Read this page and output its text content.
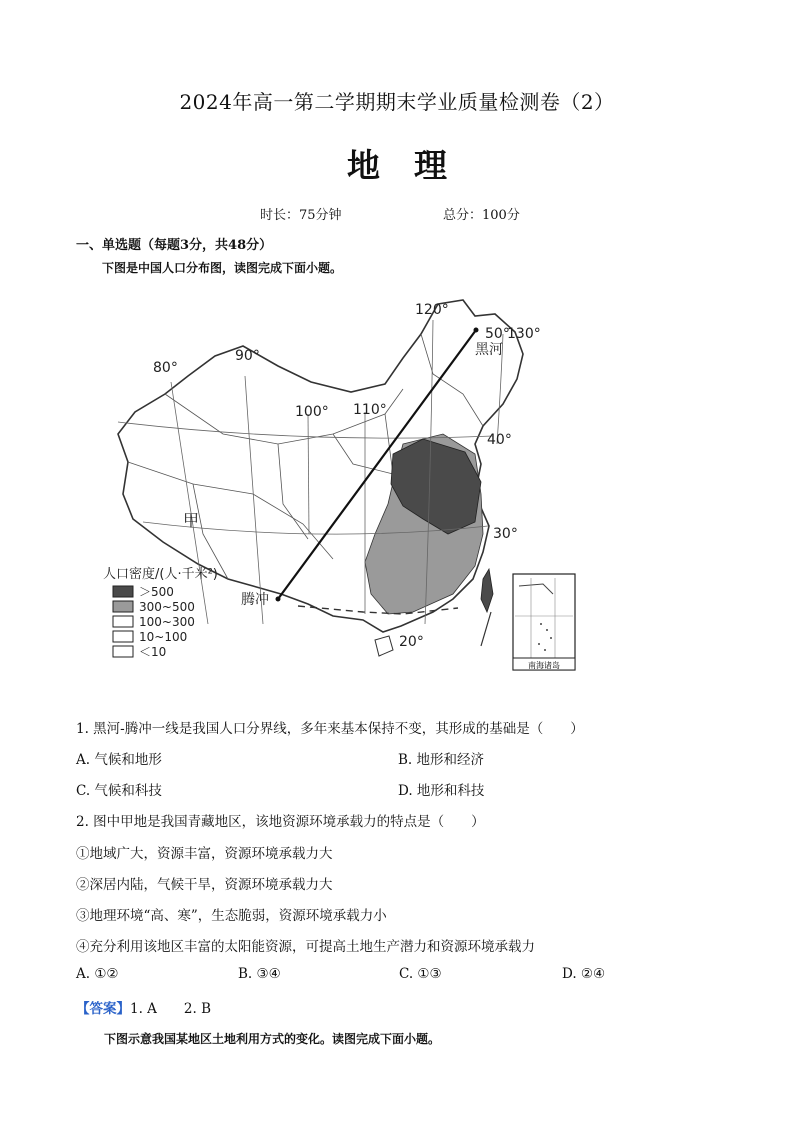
2024年高一第二学期期末学业质量检测卷（2）
地理
时长：75分钟	总分：100分
一、单选题（每题3分，共48分）
下图是中国人口分布图，读图完成下面小题。
80°
90°
100° 110°
120°
130°
50°
40°
30°
20°
黑河
腾冲
甲
人口密度/(人·千米²)
＞500
300~500
100~300
10~100
＜10
南海诸岛
1. 黑河-腾冲一线是我国人口分界线，多年来基本保持不变，其形成的基础是（　　）
A. 气候和地形	B. 地形和经济
C. 气候和科技	D. 地形和科技
2. 图中甲地是我国青藏地区，该地资源环境承载力的特点是（　　）
①地域广大，资源丰富，资源环境承载力大
②深居内陆，气候干旱，资源环境承载力大
③地理环境“高、寒”，生态脆弱，资源环境承载力小
④充分利用该地区丰富的太阳能资源，可提高土地生产潜力和资源环境承载力
A. ①②	B. ③④	C. ①③	D. ②④
【答案】1. A　　2. B
下图示意我国某地区土地利用方式的变化。读图完成下面小题。
